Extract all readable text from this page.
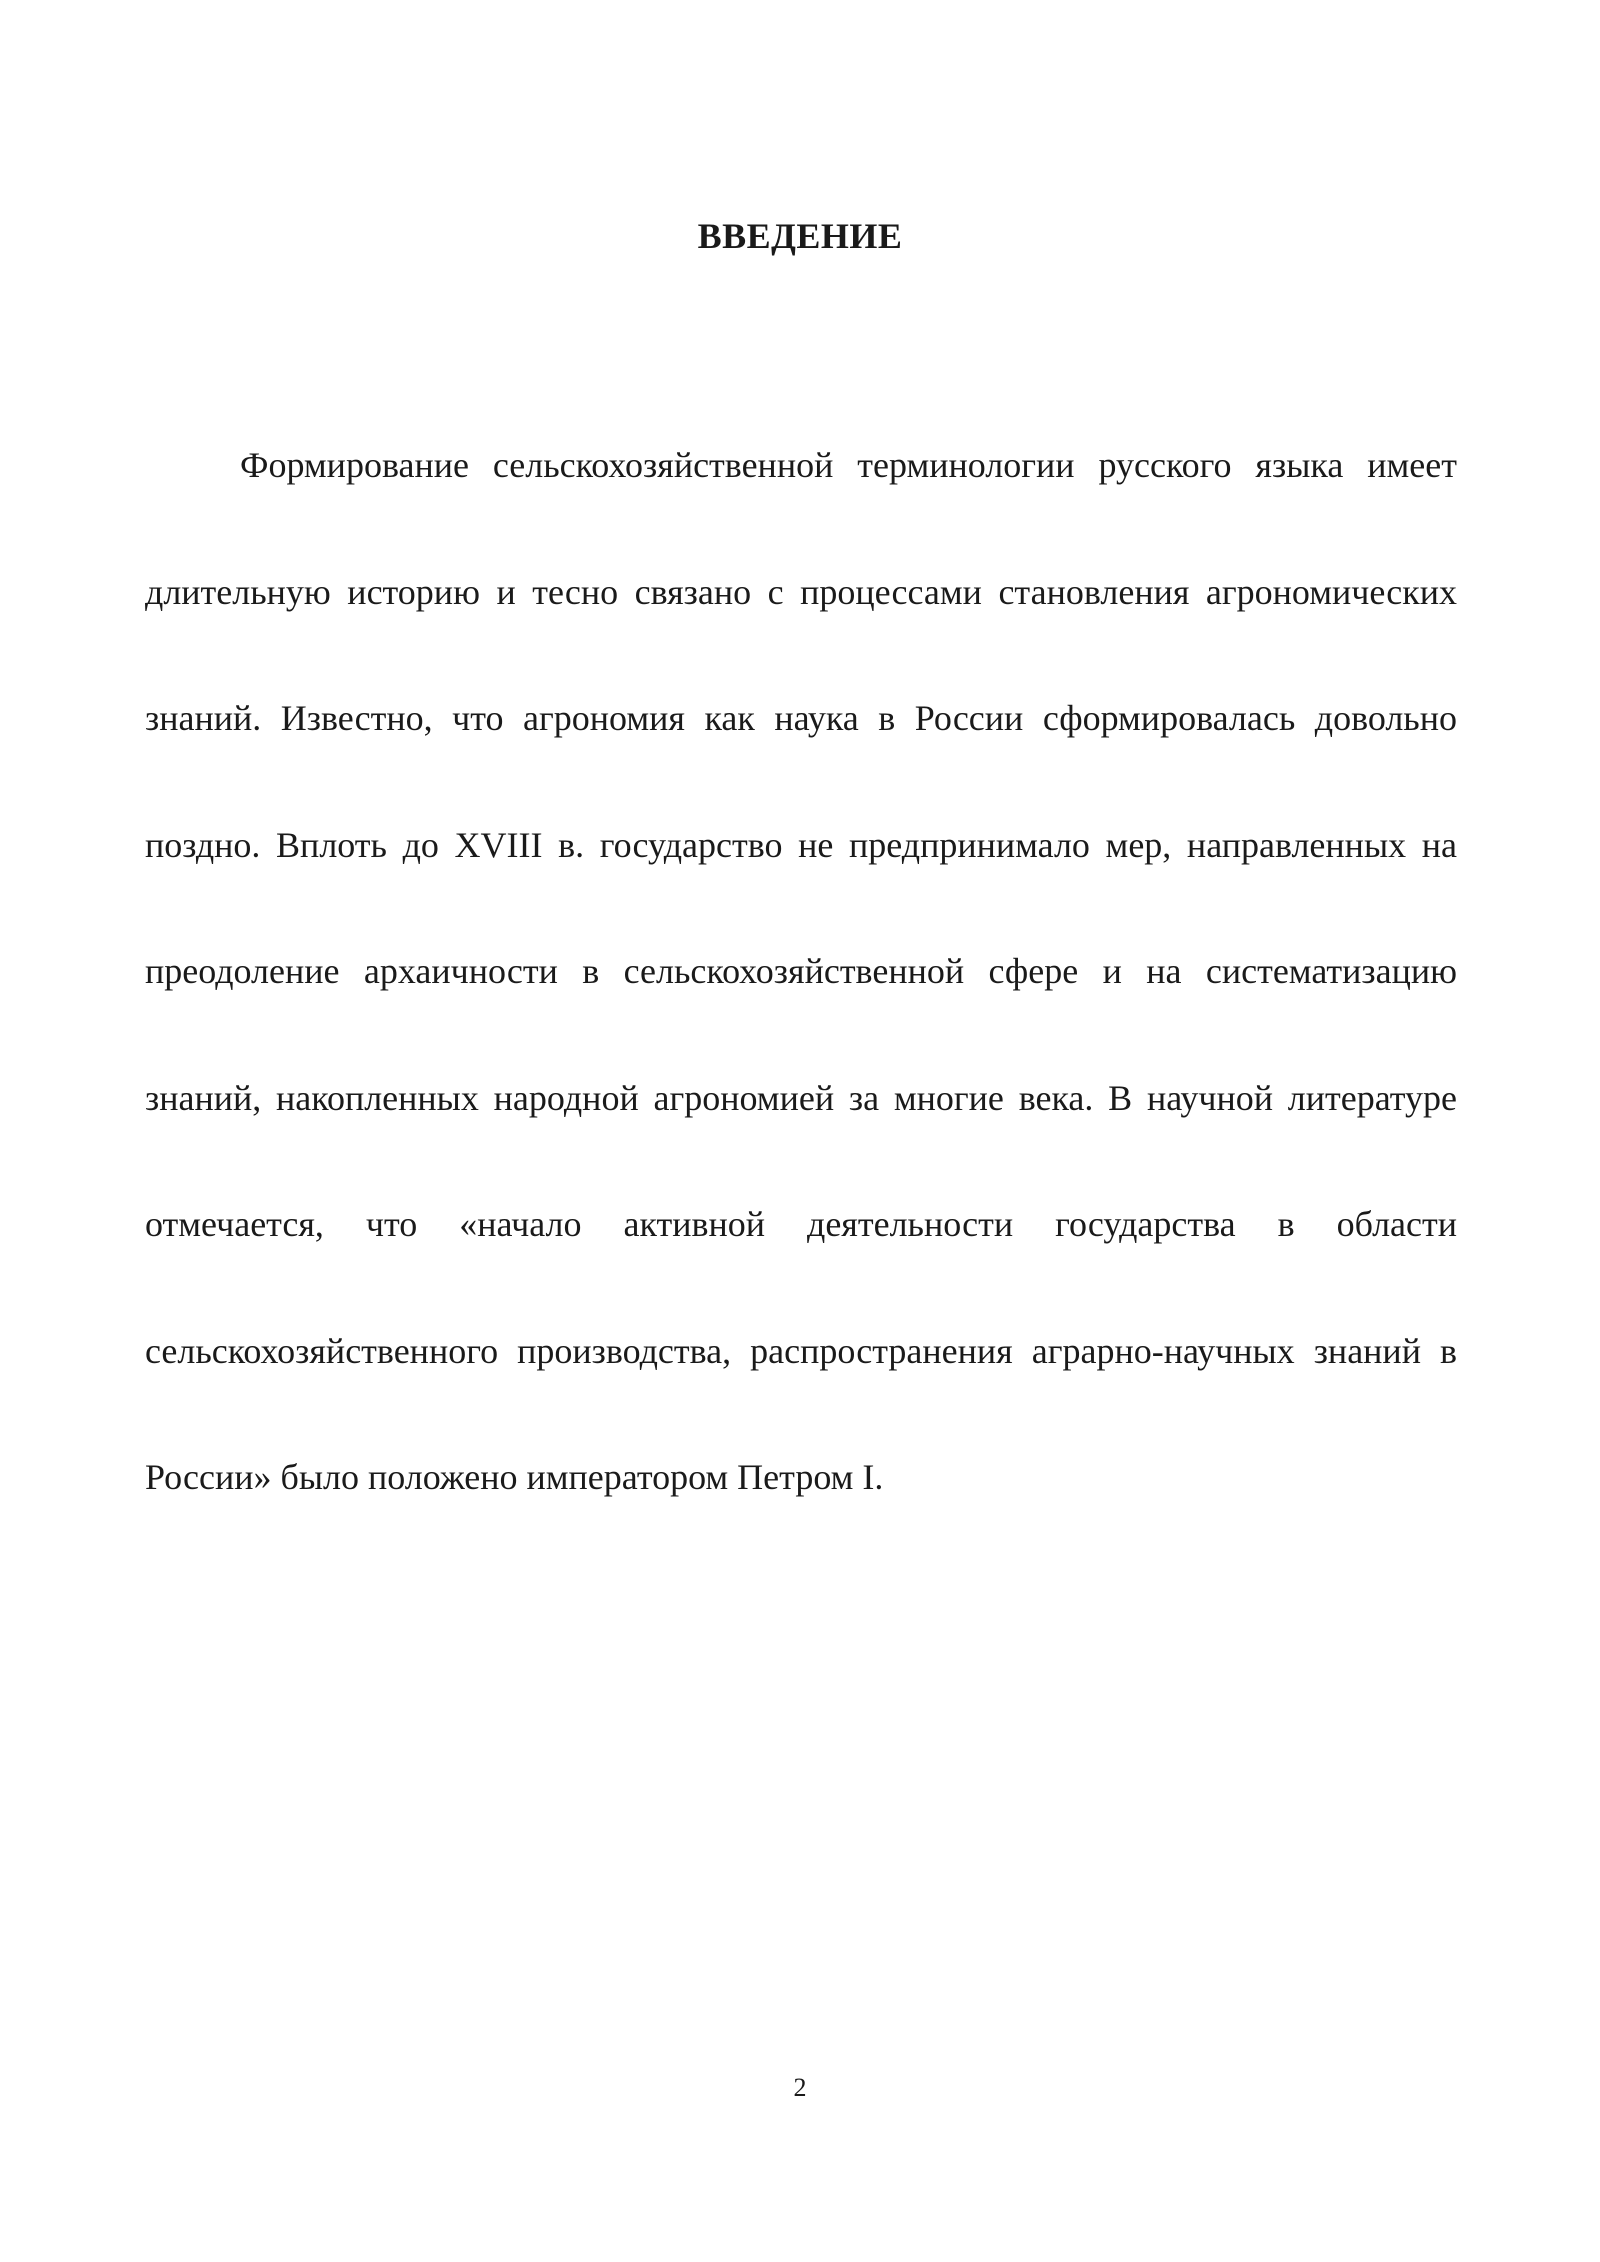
ВВЕДЕНИЕ

Формирование сельскохозяйственной терминологии русского языка имеет длительную историю и тесно связано с процессами становления агрономических знаний. Известно, что агрономия как наука в России сформировалась довольно поздно. Вплоть до XVIII в. государство не предпринимало мер, направленных на преодоление архаичности в сельскохозяйственной сфере и на систематизацию знаний, накопленных народной агрономией за многие века. В научной литературе отмечается, что «начало активной деятельности государства в области сельскохозяйственного производства, распространения аграрно-научных знаний в России» было положено императором Петром I.

2
